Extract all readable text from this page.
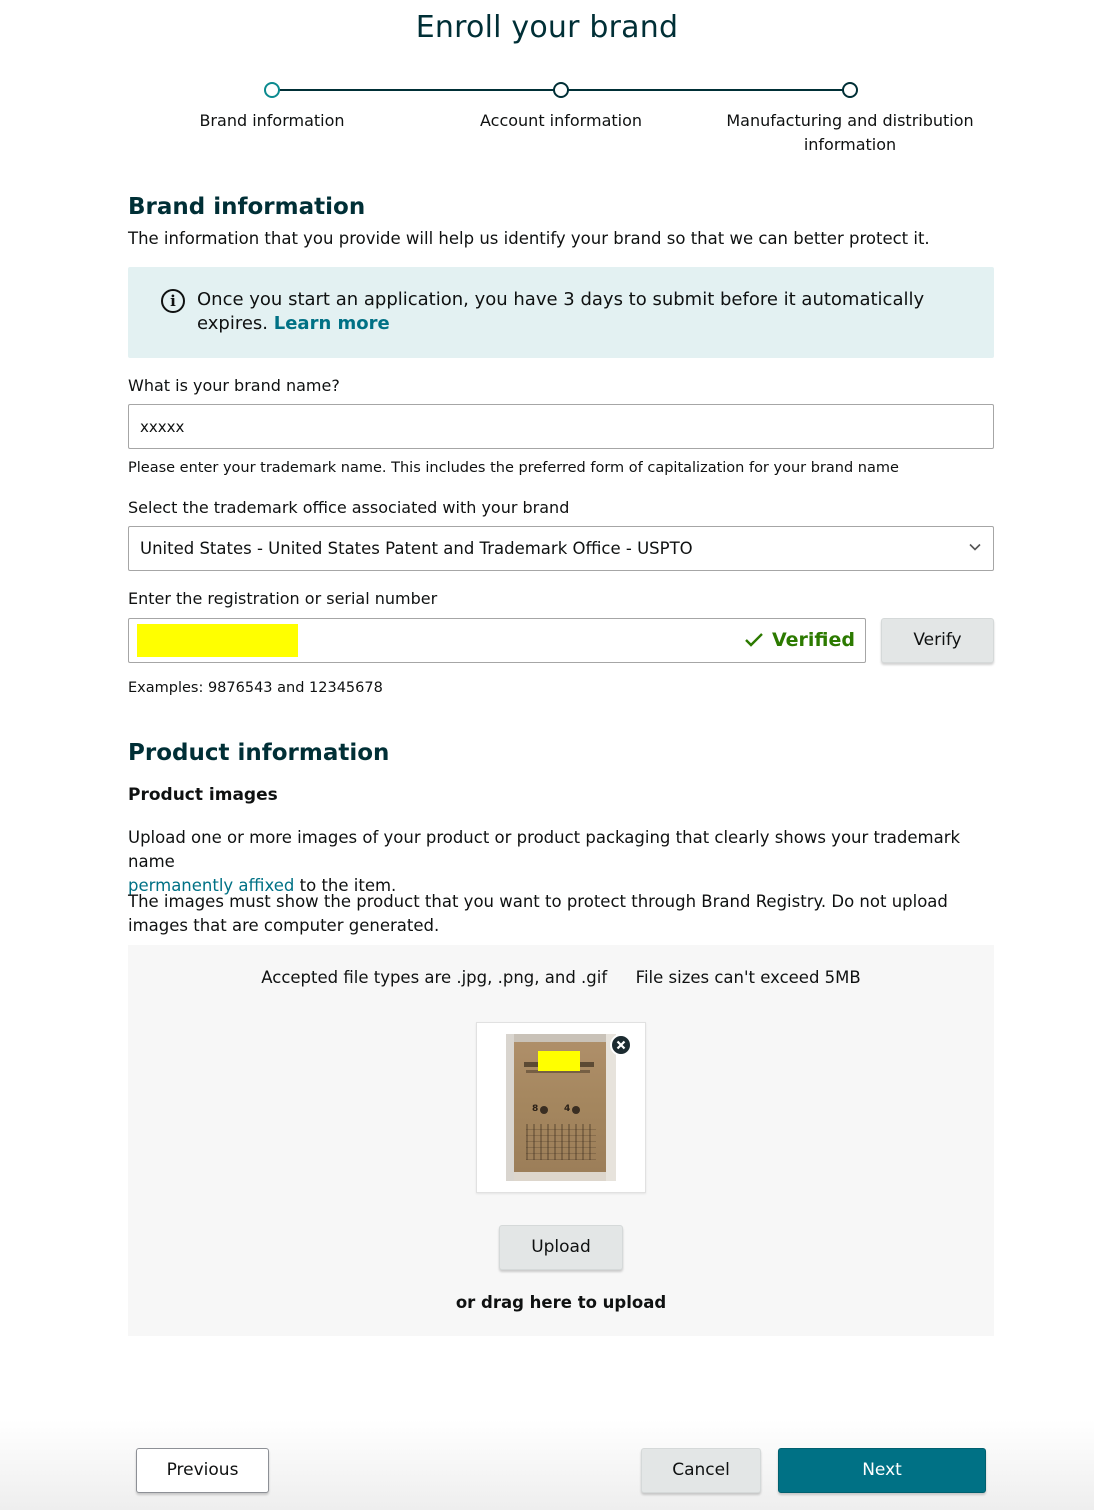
Enroll your brand
Brand information	Account information	Manufacturing and distribution information
Brand information
The information that you provide will help us identify your brand so that we can better protect it.
i	Once you start an application, you have 3 days to submit before it automatically expires. Learn more
What is your brand name?
xxxxx
Please enter your trademark name. This includes the preferred form of capitalization for your brand name
Select the trademark office associated with your brand
United States - United States Patent and Trademark Office - USPTO
Enter the registration or serial number
Verified	Verify
Examples: 9876543 and 12345678
Product information
Product images
Upload one or more images of your product or product packaging that clearly shows your trademark name
permanently affixed to the item.
The images must show the product that you want to protect through Brand Registry. Do not upload images that are computer generated.
Accepted file types are .jpg, .png, and .gif File sizes can't exceed 5MB
8	4
Upload
or drag here to upload
Previous	Cancel	Next
